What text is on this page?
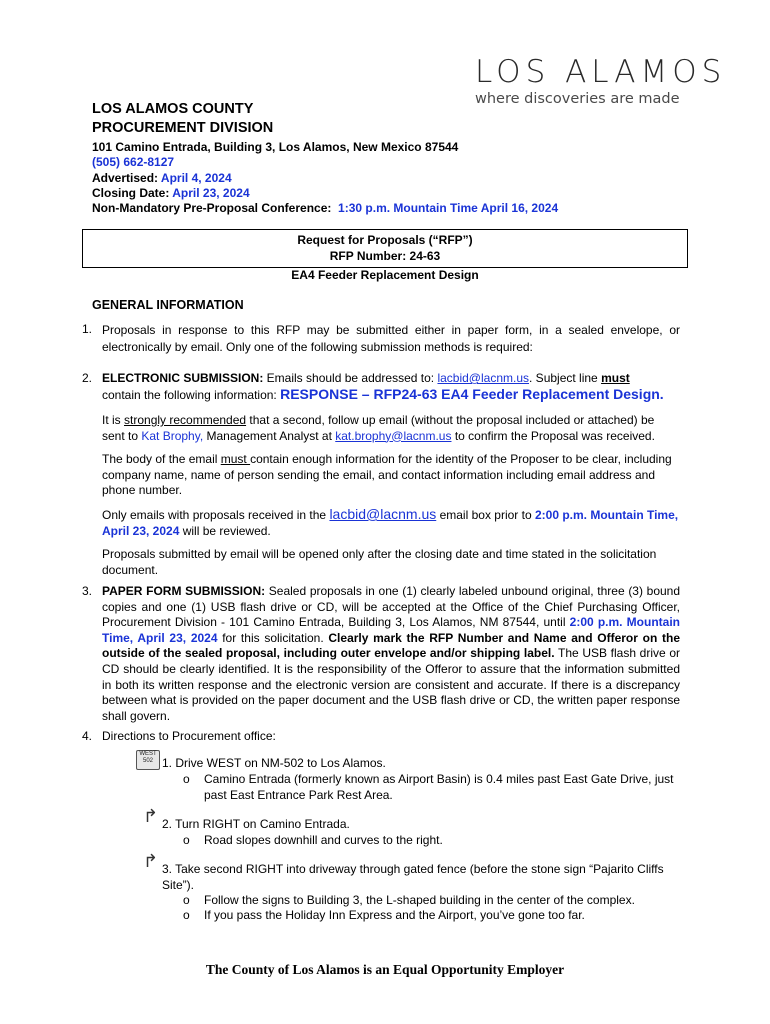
LOS ALAMOS
where discoveries are made
LOS ALAMOS COUNTY
PROCUREMENT DIVISION
101 Camino Entrada, Building 3, Los Alamos, New Mexico 87544
(505) 662-8127
Advertised: April 4, 2024
Closing Date: April 23, 2024
Non-Mandatory Pre-Proposal Conference: 1:30 p.m. Mountain Time April 16, 2024
Request for Proposals (“RFP”)
RFP Number: 24-63
EA4 Feeder Replacement Design
GENERAL INFORMATION
1. Proposals in response to this RFP may be submitted either in paper form, in a sealed envelope, or electronically by email. Only one of the following submission methods is required:
2. ELECTRONIC SUBMISSION: Emails should be addressed to: lacbid@lacnm.us. Subject line must
contain the following information: RESPONSE – RFP24-63 EA4 Feeder Replacement Design.
It is strongly recommended that a second, follow up email (without the proposal included or attached) be sent to Kat Brophy, Management Analyst at kat.brophy@lacnm.us to confirm the Proposal was received.
The body of the email must contain enough information for the identity of the Proposer to be clear, including company name, name of person sending the email, and contact information including email address and phone number.
Only emails with proposals received in the lacbid@lacnm.us email box prior to 2:00 p.m. Mountain Time, April 23, 2024 will be reviewed.
Proposals submitted by email will be opened only after the closing date and time stated in the solicitation document.
3. PAPER FORM SUBMISSION: Sealed proposals in one (1) clearly labeled unbound original, three (3) bound copies and one (1) USB flash drive or CD, will be accepted at the Office of the Chief Purchasing Officer, Procurement Division - 101 Camino Entrada, Building 3, Los Alamos, NM 87544, until 2:00 p.m. Mountain Time, April 23, 2024 for this solicitation. Clearly mark the RFP Number and Name and Offeror on the outside of the sealed proposal, including outer envelope and/or shipping label. The USB flash drive or CD should be clearly identified. It is the responsibility of the Offeror to assure that the information submitted in both its written response and the electronic version are consistent and accurate. If there is a discrepancy between what is provided on the paper document and the USB flash drive or CD, the written paper response shall govern.
4. Directions to Procurement office:
WEST
502 1. Drive WEST on NM-502 to Los Alamos.
o Camino Entrada (formerly known as Airport Basin) is 0.4 miles past East Gate Drive, just past East Entrance Park Rest Area.
↱ 2. Turn RIGHT on Camino Entrada.
o Road slopes downhill and curves to the right.
↱ 3. Take second RIGHT into driveway through gated fence (before the stone sign “Pajarito Cliffs Site”).
o Follow the signs to Building 3, the L-shaped building in the center of the complex.
o If you pass the Holiday Inn Express and the Airport, you’ve gone too far.
The County of Los Alamos is an Equal Opportunity Employer
